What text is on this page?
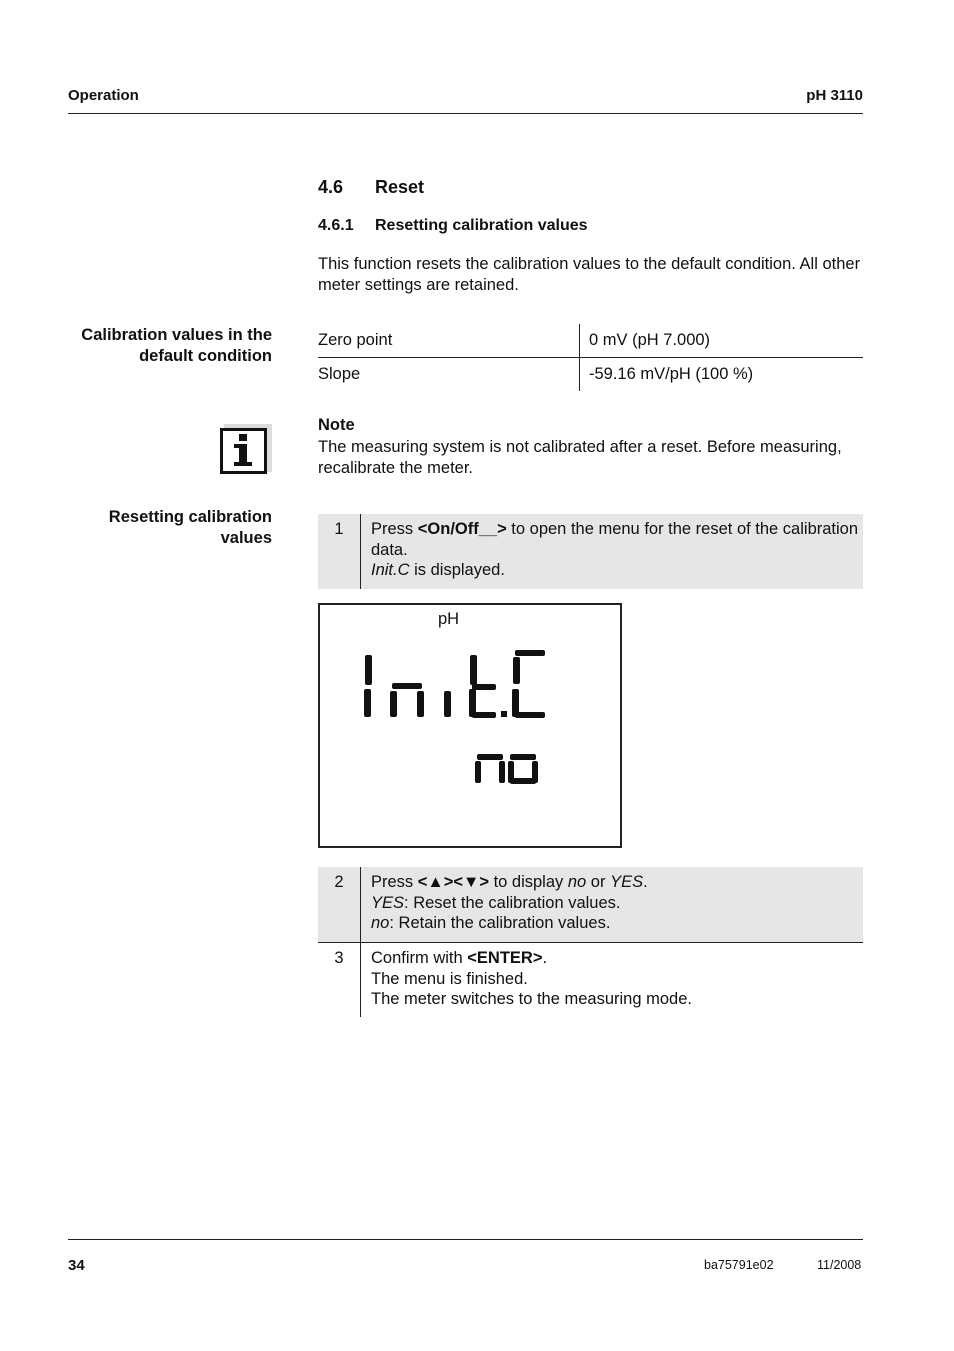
Operation	pH 3110
4.6 Reset
4.6.1 Resetting calibration values
This function resets the calibration values to the default condition. All other meter settings are retained.
Calibration values in the
default condition
Zero point	0 mV (pH 7.000)
Slope	-59.16 mV/pH (100 %)
Note
The measuring system is not calibrated after a reset. Before measuring, recalibrate the meter.
Resetting calibration
values	1	Press <On/Off__> to open the menu for the reset of the calibration data.
Init.C is displayed.
pH
2	Press <▲><▼> to display no or YES.
YES: Reset the calibration values.
no: Retain the calibration values.
3	Confirm with <ENTER>.
The menu is finished.
The meter switches to the measuring mode.
34	ba75791e02	11/2008
